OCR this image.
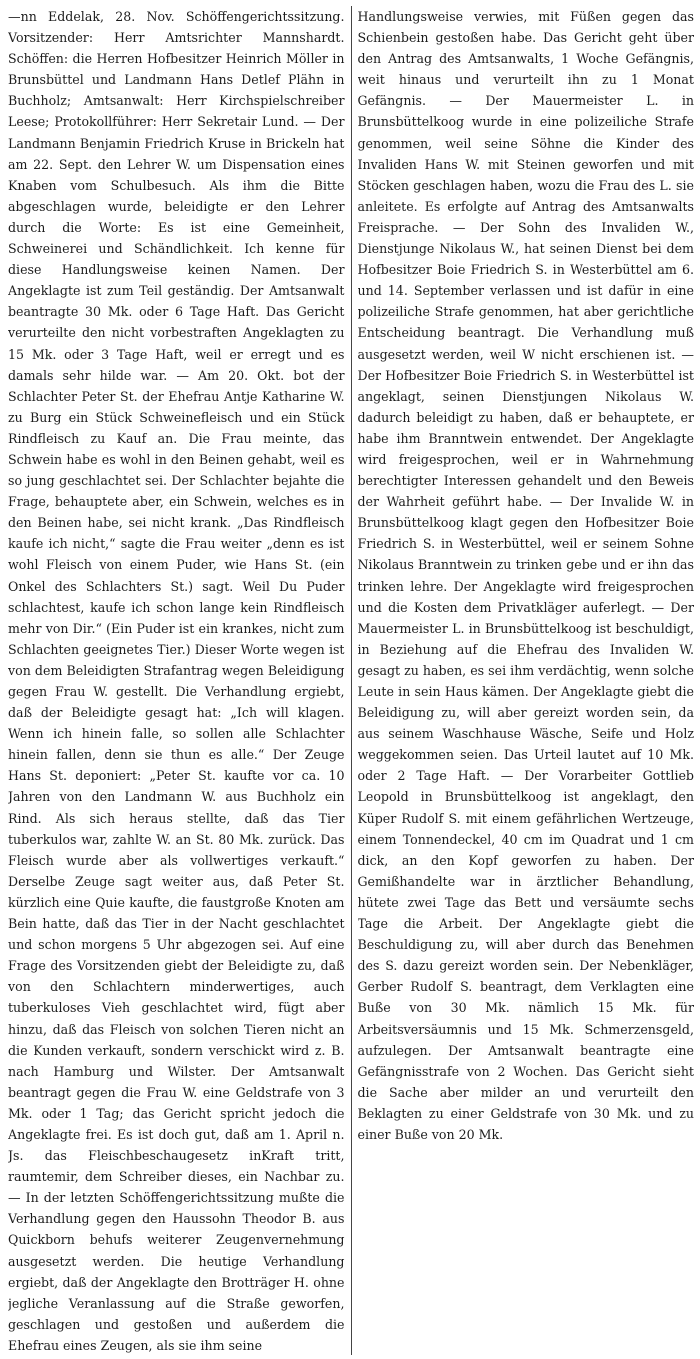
—nn Eddelak, 28. Nov. Schöffengerichtssitzung. Vorsitzender: Herr Amtsrichter Mannshardt. Schöffen: die Herren Hofbesitzer Heinrich Möller in Brunsbüttel und Landmann Hans Detlef Plähn in Buchholz; Amtsanwalt: Herr Kirchspielschreiber Leese; Protokollführer: Herr Sekretair Lund. — Der Landmann Benjamin Friedrich Kruse in Brickeln hat am 22. Sept. den Lehrer W. um Dispensation eines Knaben vom Schulbesuch. Als ihm die Bitte abgeschlagen wurde, beleidigte er den Lehrer durch die Worte: Es ist eine Gemeinheit, Schweinerei und Schändlichkeit. Ich kenne für diese Handlungsweise keinen Namen. Der Angeklagte ist zum Teil geständig. Der Amtsanwalt beantragte 30 Mk. oder 6 Tage Haft. Das Gericht verurteilte den nicht vorbestraften Angeklagten zu 15 Mk. oder 3 Tage Haft, weil er erregt und es damals sehr hilde war. — Am 20. Okt. bot der Schlachter Peter St. der Ehefrau Antje Katharine W. zu Burg ein Stück Schweinefleisch und ein Stück Rindfleisch zu Kauf an. Die Frau meinte, das Schwein habe es wohl in den Beinen gehabt, weil es so jung geschlachtet sei. Der Schlachter bejahte die Frage, behauptete aber, ein Schwein, welches es in den Beinen habe, sei nicht krank. „Das Rindfleisch kaufe ich nicht,“ sagte die Frau weiter „denn es ist wohl Fleisch von einem Puder, wie Hans St. (ein Onkel des Schlachters St.) sagt. Weil Du Puder schlachtest, kaufe ich schon lange kein Rindfleisch mehr von Dir.“ (Ein Puder ist ein krankes, nicht zum Schlachten geeignetes Tier.) Dieser Worte wegen ist von dem Beleidigten Strafantrag wegen Beleidigung gegen Frau W. gestellt. Die Verhandlung ergiebt, daß der Beleidigte gesagt hat: „Ich will klagen. Wenn ich hinein falle, so sollen alle Schlachter hinein fallen, denn sie thun es alle.“ Der Zeuge Hans St. deponiert: „Peter St. kaufte vor ca. 10 Jahren von den Landmann W. aus Buchholz ein Rind. Als sich heraus stellte, daß das Tier tuberkulos war, zahlte W. an St. 80 Mk. zurück. Das Fleisch wurde aber als vollwertiges verkauft.“ Derselbe Zeuge sagt weiter aus, daß Peter St. kürzlich eine Quie kaufte, die faustgroße Knoten am Bein hatte, daß das Tier in der Nacht geschlachtet und schon morgens 5 Uhr abgezogen sei. Auf eine Frage des Vorsitzenden giebt der Beleidigte zu, daß von den Schlachtern minderwertiges, auch tuberkuloses Vieh geschlachtet wird, fügt aber hinzu, daß das Fleisch von solchen Tieren nicht an die Kunden verkauft, sondern verschickt wird z. B. nach Hamburg und Wilster. Der Amtsanwalt beantragt gegen die Frau W. eine Geldstrafe von 3 Mk. oder 1 Tag; das Gericht spricht jedoch die Angeklagte frei. Es ist doch gut, daß am 1. April n. Js. das Fleischbeschaugesetz inKraft tritt, raumtemir, dem Schreiber dieses, ein Nachbar zu. — In der letzten Schöffengerichtssitzung mußte die Verhandlung gegen den Haussohn Theodor B. aus Quickborn behufs weiterer Zeugenvernehmung ausgesetzt werden. Die heutige Verhandlung ergiebt, daß der Angeklagte den Brotträger H. ohne jegliche Veranlassung auf die Straße geworfen, geschlagen und gestoßen und außerdem die Ehefrau eines Zeugen, als sie ihm seine

Handlungsweise verwies, mit Füßen gegen das Schienbein gestoßen habe. Das Gericht geht über den Antrag des Amtsanwalts, 1 Woche Gefängnis, weit hinaus und verurteilt ihn zu 1 Monat Gefängnis. — Der Mauermeister L. in Brunsbüttelkoog wurde in eine polizeiliche Strafe genommen, weil seine Söhne die Kinder des Invaliden Hans W. mit Steinen geworfen und mit Stöcken geschlagen haben, wozu die Frau des L. sie anleitete. Es erfolgte auf Antrag des Amtsanwalts Freisprache. — Der Sohn des Invaliden W., Dienstjunge Nikolaus W., hat seinen Dienst bei dem Hofbesitzer Boie Friedrich S. in Westerbüttel am 6. und 14. September verlassen und ist dafür in eine polizeiliche Strafe genommen, hat aber gerichtliche Entscheidung beantragt. Die Verhandlung muß ausgesetzt werden, weil W nicht erschienen ist. — Der Hofbesitzer Boie Friedrich S. in Westerbüttel ist angeklagt, seinen Dienstjungen Nikolaus W. dadurch beleidigt zu haben, daß er behauptete, er habe ihm Branntwein entwendet. Der Angeklagte wird freigesprochen, weil er in Wahrnehmung berechtigter Interessen gehandelt und den Beweis der Wahrheit geführt habe. — Der Invalide W. in Brunsbüttelkoog klagt gegen den Hofbesitzer Boie Friedrich S. in Westerbüttel, weil er seinem Sohne Nikolaus Branntwein zu trinken gebe und er ihn das trinken lehre. Der Angeklagte wird freigesprochen und die Kosten dem Privatkläger auferlegt. — Der Mauermeister L. in Brunsbüttelkoog ist beschuldigt, in Beziehung auf die Ehefrau des Invaliden W. gesagt zu haben, es sei ihm verdächtig, wenn solche Leute in sein Haus kämen. Der Angeklagte giebt die Beleidigung zu, will aber gereizt worden sein, da aus seinem Waschhause Wäsche, Seife und Holz weggekommen seien. Das Urteil lautet auf 10 Mk. oder 2 Tage Haft. — Der Vorarbeiter Gottlieb Leopold in Brunsbüttelkoog ist angeklagt, den Küper Rudolf S. mit einem gefährlichen Wertzeuge, einem Tonnendeckel, 40 cm im Quadrat und 1 cm dick, an den Kopf geworfen zu haben. Der Gemißhandelte war in ärztlicher Behandlung, hütete zwei Tage das Bett und versäumte sechs Tage die Arbeit. Der Angeklagte giebt die Beschuldigung zu, will aber durch das Benehmen des S. dazu gereizt worden sein. Der Nebenkläger, Gerber Rudolf S. beantragt, dem Verklagten eine Buße von 30 Mk. nämlich 15 Mk. für Arbeitsversäumnis und 15 Mk. Schmerzensgeld, aufzulegen. Der Amtsanwalt beantragte eine Gefängnisstrafe von 2 Wochen. Das Gericht sieht die Sache aber milder an und verurteilt den Beklagten zu einer Geldstrafe von 30 Mk. und zu einer Buße von 20 Mk.
